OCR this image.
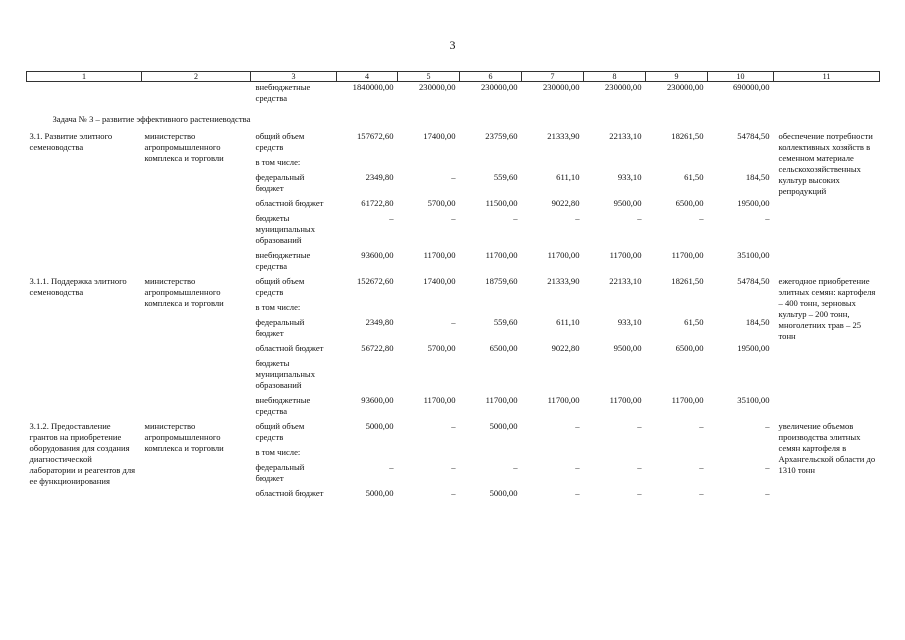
3
1	2	3	4	5	6	7	8	9	10	11
		внебюджетные средства	1840000,00	230000,00	230000,00	230000,00	230000,00	230000,00	690000,00	
Задача № 3 – развитие эффективного растениеводства										
3.1. Развитие элитного семеноводства	министерство агропромышленного комплекса и торговли	общий объем средств	157672,60	17400,00	23759,60	21333,90	22133,10	18261,50	54784,50	обеспечение потребности коллективных хозяйств в семенном материале сельскохозяйственных культур высоких репродукций
		в том числе:								
		федеральный бюджет	2349,80	–	559,60	611,10	933,10	61,50	184,50	
		областной бюджет	61722,80	5700,00	11500,00	9022,80	9500,00	6500,00	19500,00	
		бюджеты муниципальных образований	–	–	–	–	–	–	–	
		внебюджетные средства	93600,00	11700,00	11700,00	11700,00	11700,00	11700,00	35100,00	
3.1.1. Поддержка элитного семеноводства	министерство агропромышленного комплекса и торговли	общий объем средств	152672,60	17400,00	18759,60	21333,90	22133,10	18261,50	54784,50	ежегодное приобретение элитных семян: картофеля – 400 тонн, зерновых культур – 200 тонн, многолетних трав – 25 тонн
		в том числе:								
		федеральный бюджет	2349,80	–	559,60	611,10	933,10	61,50	184,50	
		областной бюджет	56722,80	5700,00	6500,00	9022,80	9500,00	6500,00	19500,00	
		бюджеты муниципальных образований								
		внебюджетные средства	93600,00	11700,00	11700,00	11700,00	11700,00	11700,00	35100,00	
3.1.2. Предоставление грантов на приобретение оборудования для создания диагностической лаборатории и реагентов для ее функционирования	министерство агропромышленного комплекса и торговли	общий объем средств	5000,00	–	5000,00	–	–	–	–	увеличение объемов производства элитных семян картофеля в Архангельской области до 1310 тонн
		в том числе:								
		федеральный бюджет	–	–	–	–	–	–	–	
		областной бюджет	5000,00	–	5000,00	–	–	–	–	
